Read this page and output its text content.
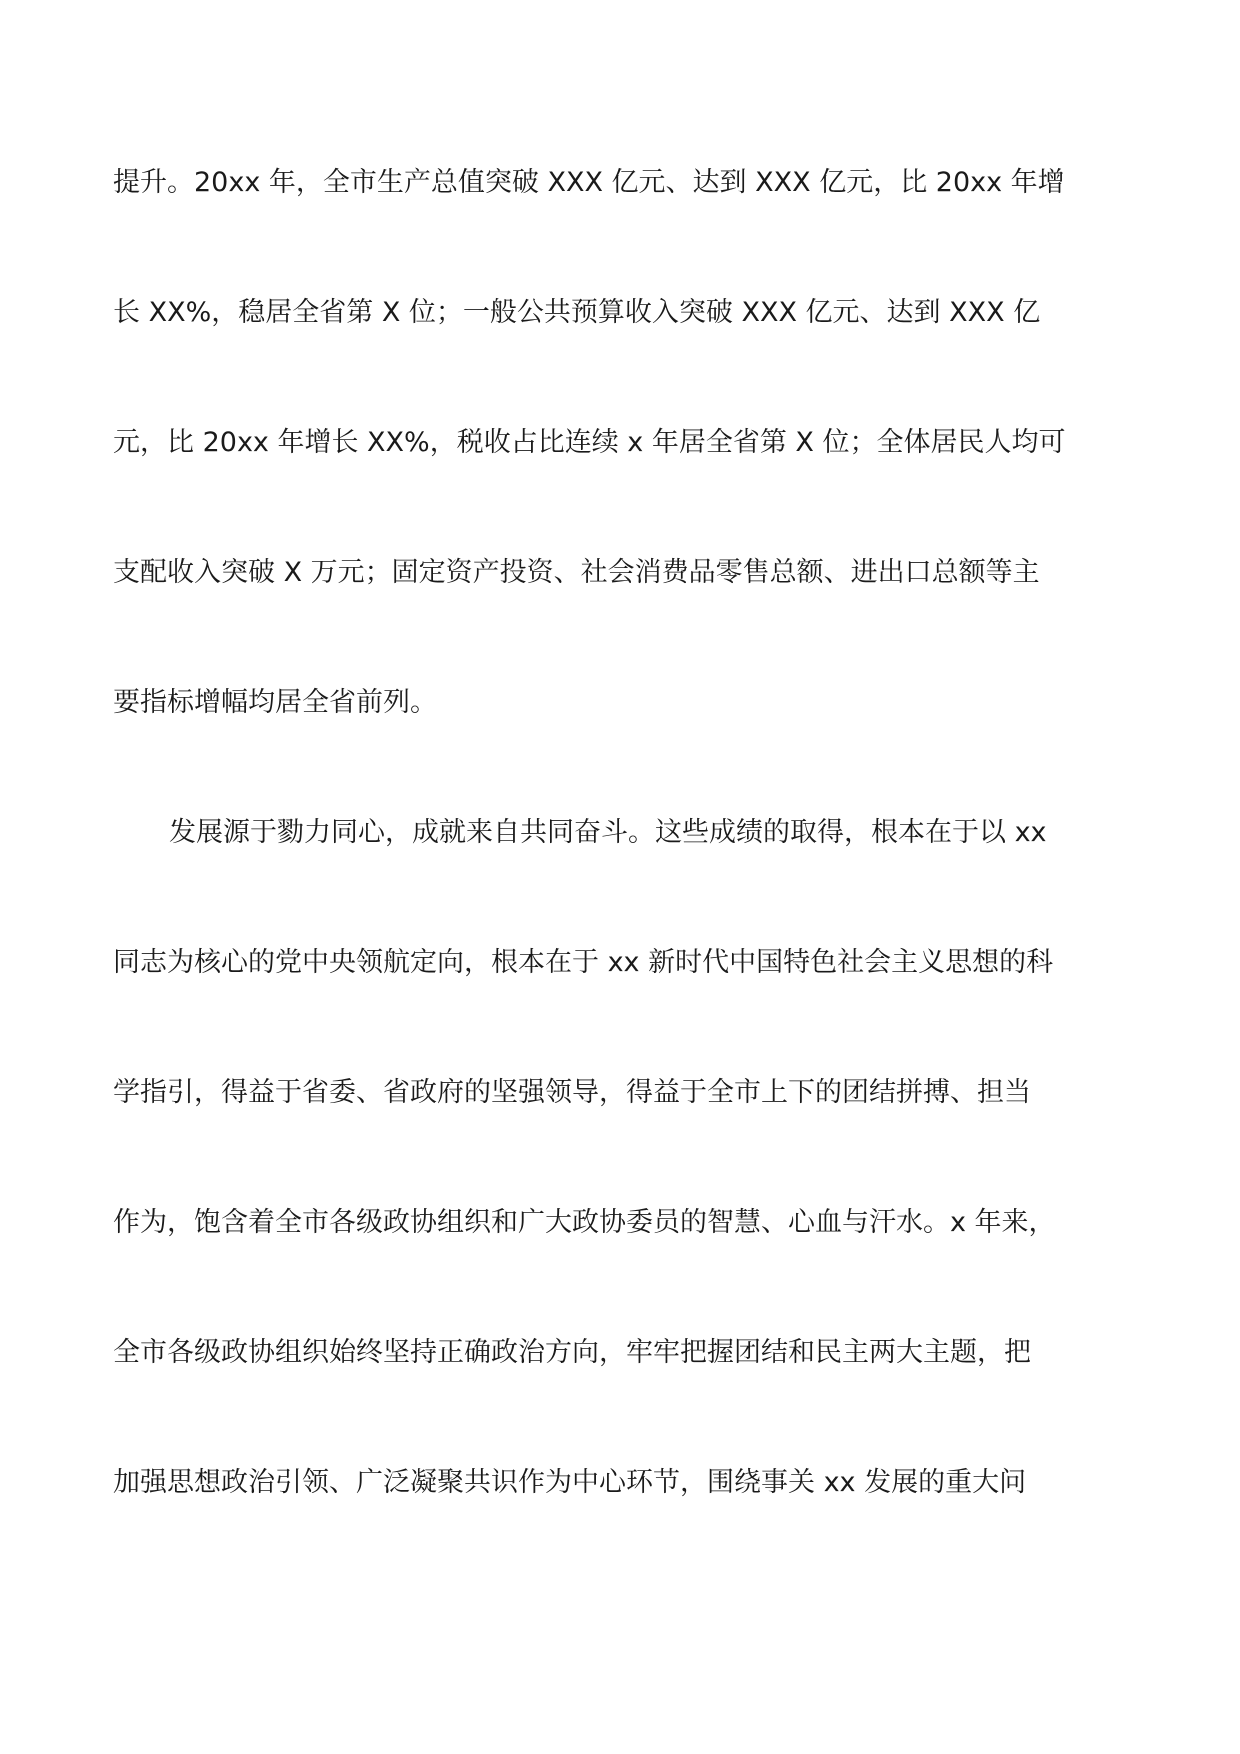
提升。20xx 年，全市生产总值突破 XXX 亿元、达到 XXX 亿元，比 20xx 年增

长 XX%，稳居全省第 X 位；一般公共预算收入突破 XXX 亿元、达到 XXX 亿

元，比 20xx 年增长 XX%，税收占比连续 x 年居全省第 X 位；全体居民人均可

支配收入突破 X 万元；固定资产投资、社会消费品零售总额、进出口总额等主

要指标增幅均居全省前列。

发展源于勠力同心，成就来自共同奋斗。这些成绩的取得，根本在于以 xx

同志为核心的党中央领航定向，根本在于 xx 新时代中国特色社会主义思想的科

学指引，得益于省委、省政府的坚强领导，得益于全市上下的团结拼搏、担当

作为，饱含着全市各级政协组织和广大政协委员的智慧、心血与汗水。x 年来，

全市各级政协组织始终坚持正确政治方向，牢牢把握团结和民主两大主题，把

加强思想政治引领、广泛凝聚共识作为中心环节，围绕事关 xx 发展的重大问
